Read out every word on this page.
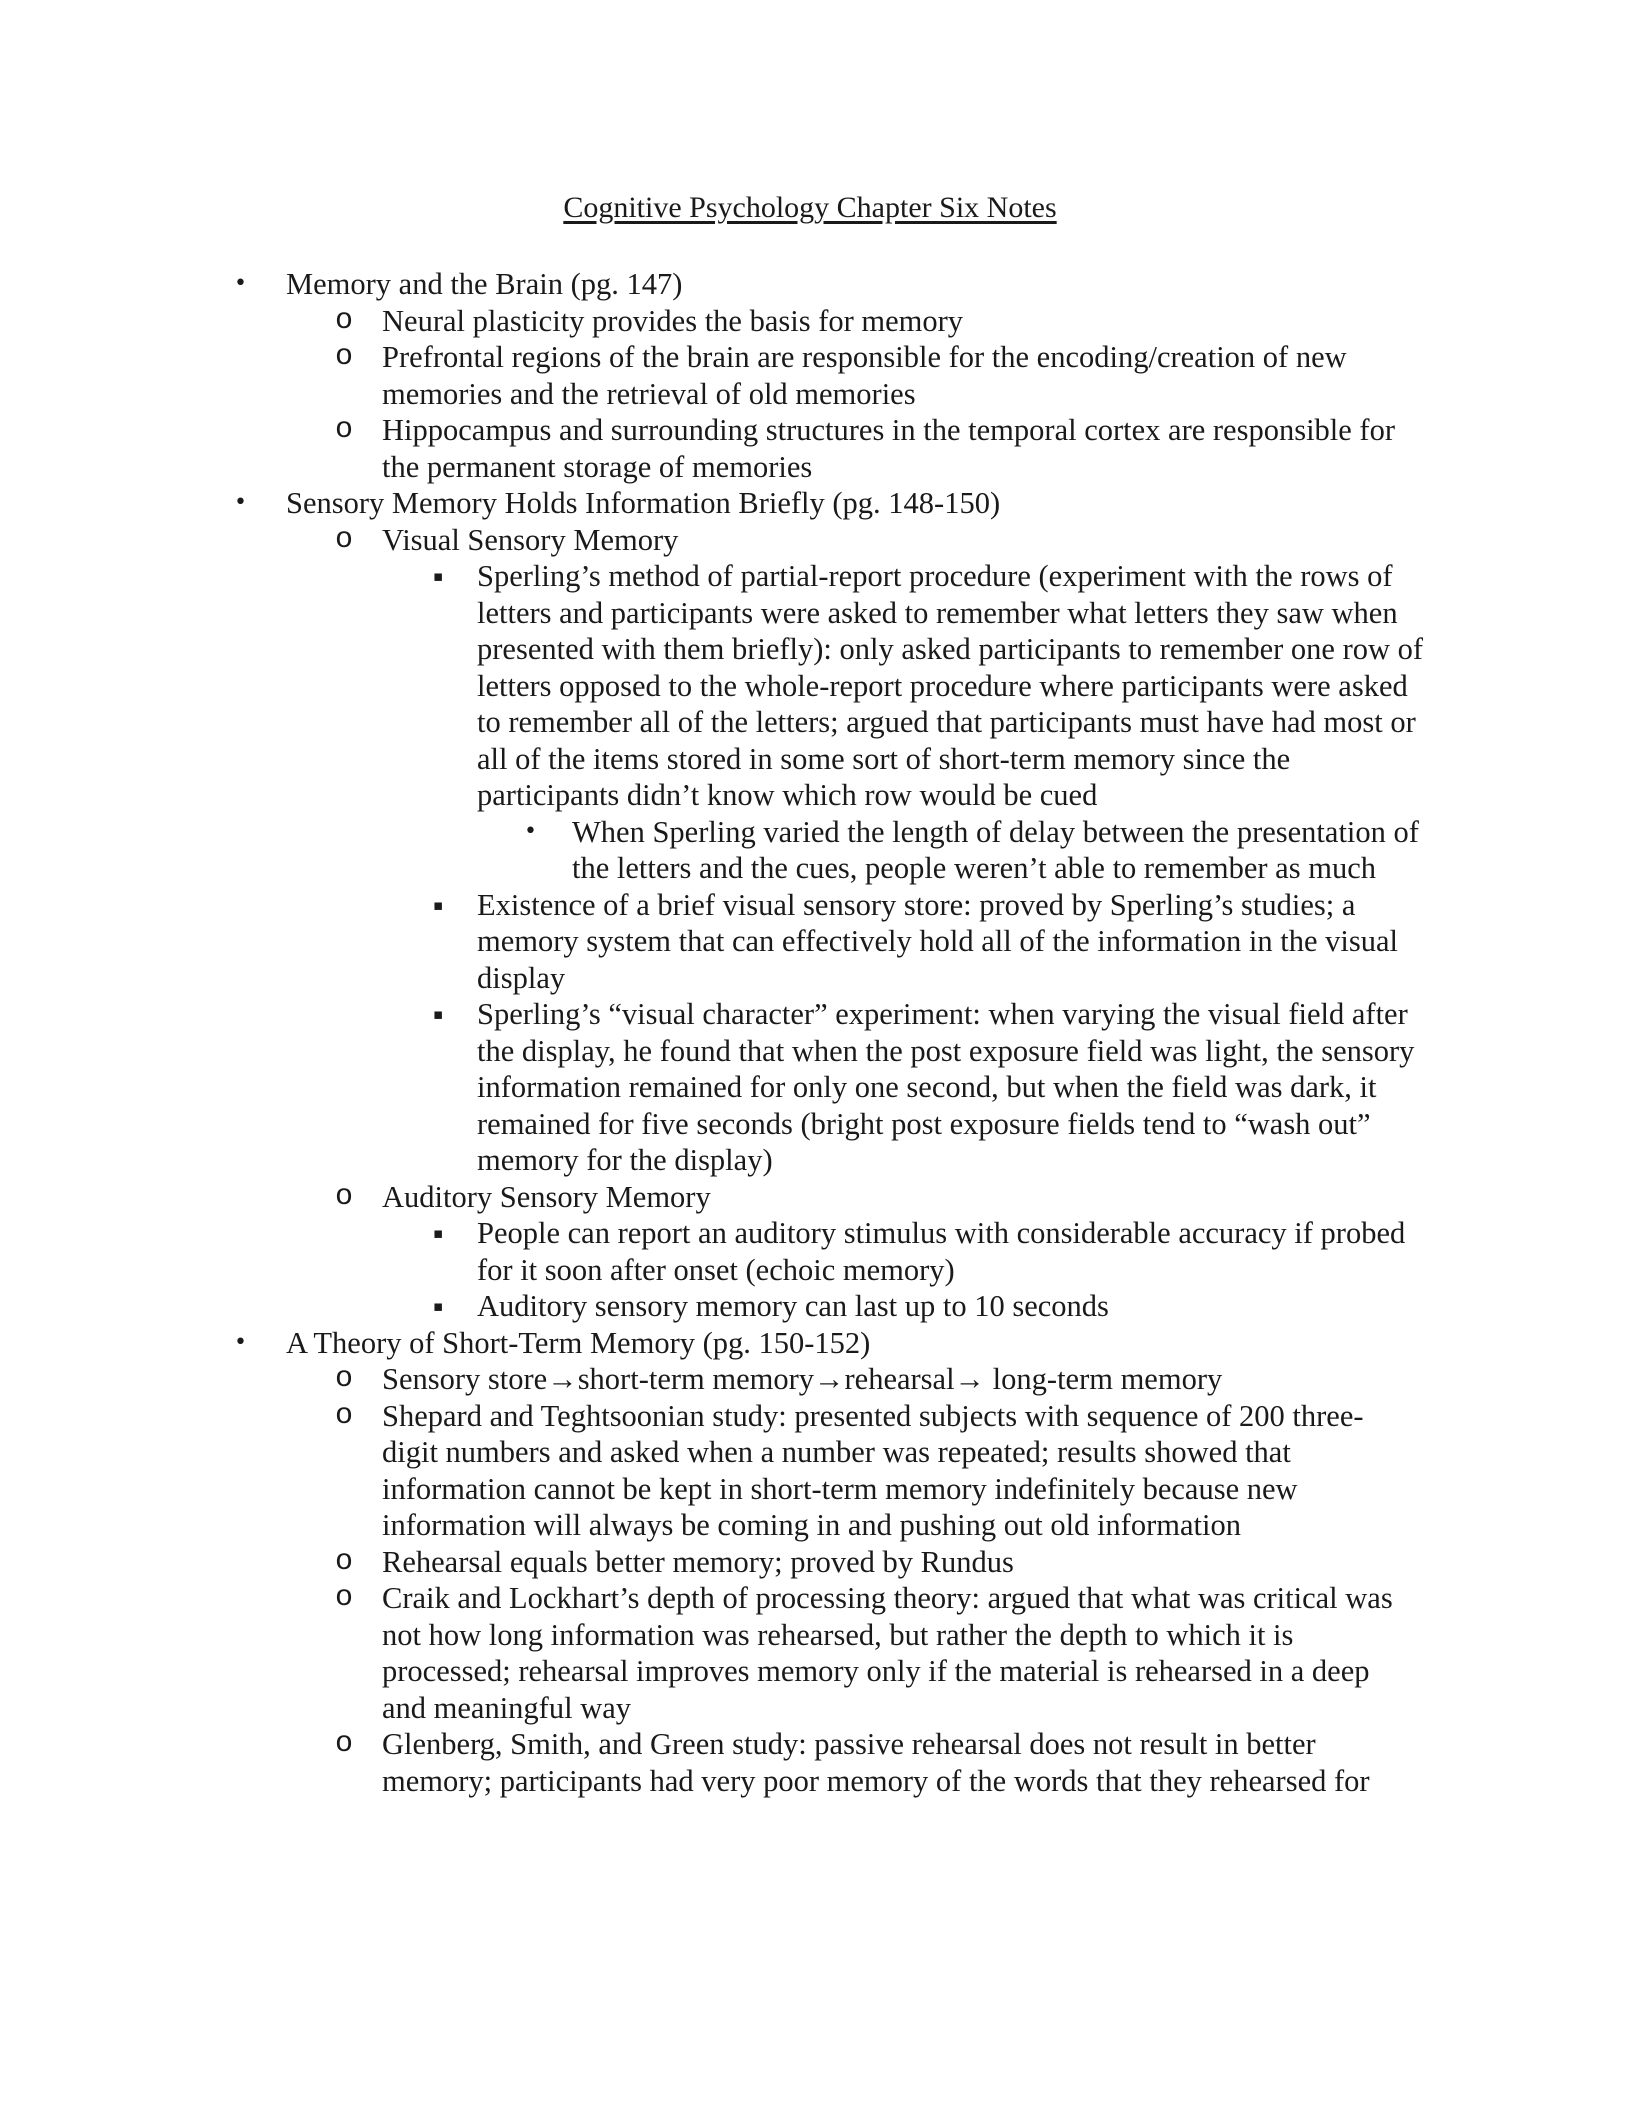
Cognitive Psychology Chapter Six Notes
• Memory and the Brain (pg. 147)
o Neural plasticity provides the basis for memory
o Prefrontal regions of the brain are responsible for the encoding/creation of new memories and the retrieval of old memories
o Hippocampus and surrounding structures in the temporal cortex are responsible for the permanent storage of memories
• Sensory Memory Holds Information Briefly (pg. 148-150)
o Visual Sensory Memory
▪ Sperling’s method of partial-report procedure (experiment with the rows of letters and participants were asked to remember what letters they saw when presented with them briefly): only asked participants to remember one row of letters opposed to the whole-report procedure where participants were asked to remember all of the letters; argued that participants must have had most or all of the items stored in some sort of short-term memory since the participants didn’t know which row would be cued
• When Sperling varied the length of delay between the presentation of the letters and the cues, people weren’t able to remember as much
▪ Existence of a brief visual sensory store: proved by Sperling’s studies; a memory system that can effectively hold all of the information in the visual display
▪ Sperling’s “visual character” experiment: when varying the visual field after the display, he found that when the post exposure field was light, the sensory information remained for only one second, but when the field was dark, it remained for five seconds (bright post exposure fields tend to “wash out” memory for the display)
o Auditory Sensory Memory
▪ People can report an auditory stimulus with considerable accuracy if probed for it soon after onset (echoic memory)
▪ Auditory sensory memory can last up to 10 seconds
• A Theory of Short-Term Memory (pg. 150-152)
o Sensory store→short-term memory→rehearsal→ long-term memory
o Shepard and Teghtsoonian study: presented subjects with sequence of 200 three-digit numbers and asked when a number was repeated; results showed that information cannot be kept in short-term memory indefinitely because new information will always be coming in and pushing out old information
o Rehearsal equals better memory; proved by Rundus
o Craik and Lockhart’s depth of processing theory: argued that what was critical was not how long information was rehearsed, but rather the depth to which it is processed; rehearsal improves memory only if the material is rehearsed in a deep and meaningful way
o Glenberg, Smith, and Green study: passive rehearsal does not result in better memory; participants had very poor memory of the words that they rehearsed for
